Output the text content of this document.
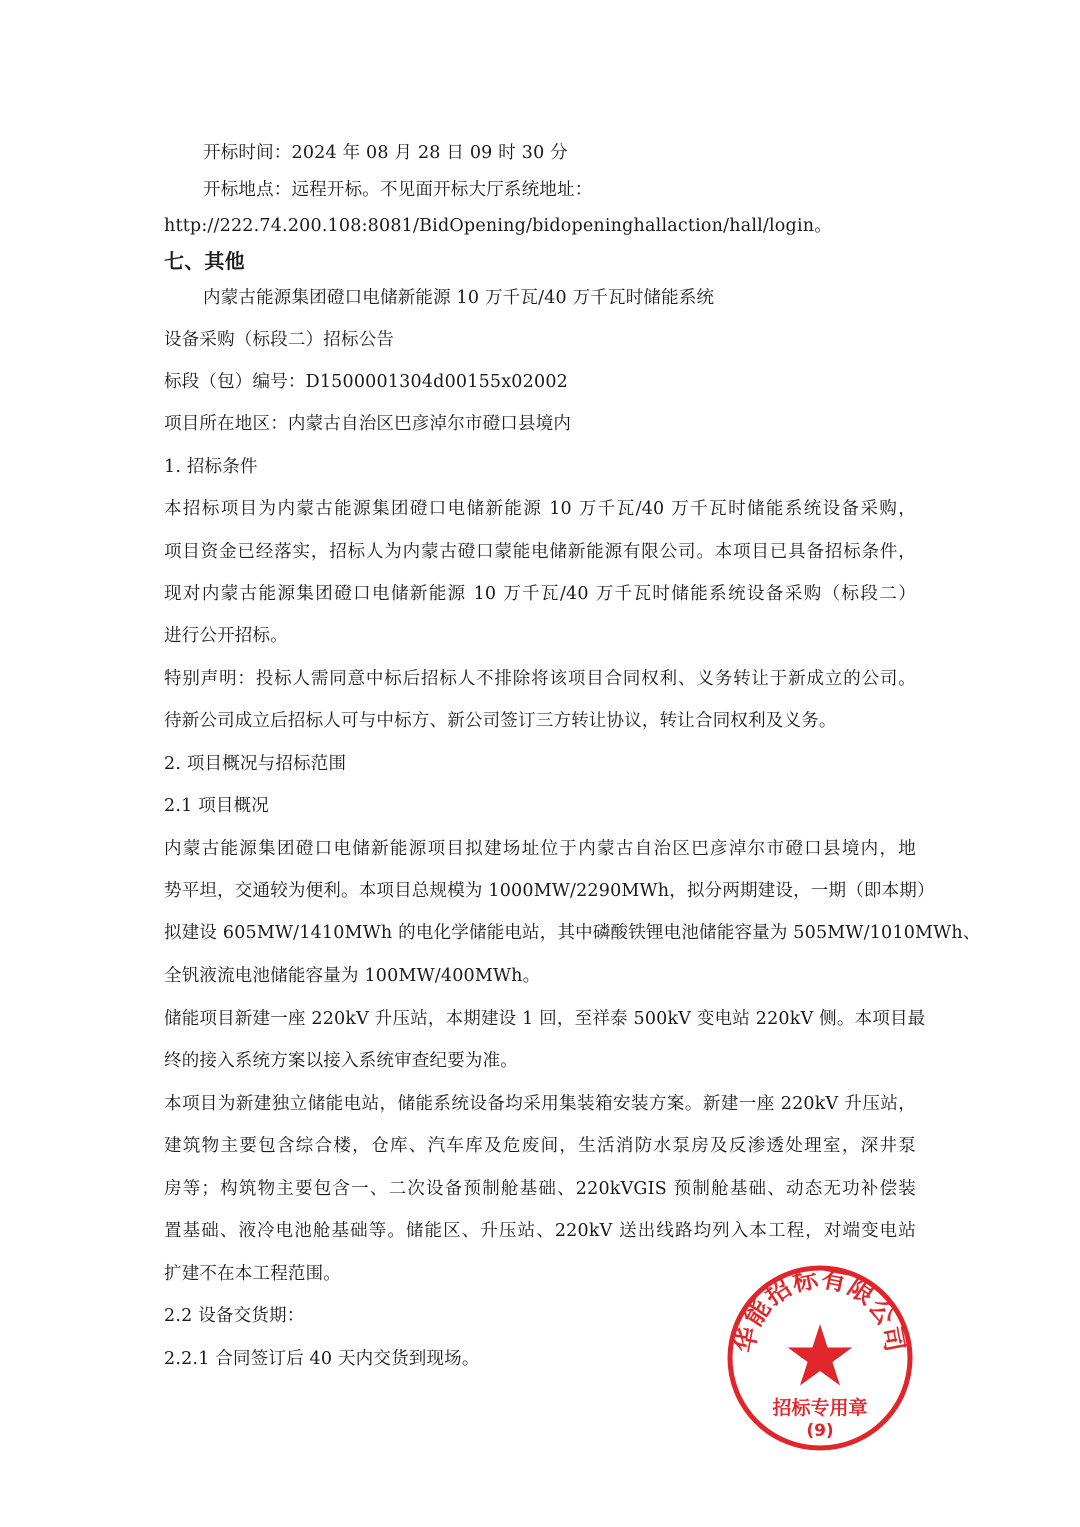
开标时间：2024 年 08 月 28 日 09 时 30 分
开标地点：远程开标。不见面开标大厅系统地址：
http://222.74.200.108:8081/BidOpening/bidopeninghallaction/hall/login。
七、其他
内蒙古能源集团磴口电储新能源 10 万千瓦/40 万千瓦时储能系统
设备采购（标段二）招标公告
标段（包）编号：D1500001304d00155x02002
项目所在地区：内蒙古自治区巴彦淖尔市磴口县境内
1. 招标条件
本招标项目为内蒙古能源集团磴口电储新能源 10 万千瓦/40 万千瓦时储能系统设备采购，
项目资金已经落实，招标人为内蒙古磴口蒙能电储新能源有限公司。本项目已具备招标条件，
现对内蒙古能源集团磴口电储新能源 10 万千瓦/40 万千瓦时储能系统设备采购（标段二）
进行公开招标。
特别声明：投标人需同意中标后招标人不排除将该项目合同权利、义务转让于新成立的公司。
待新公司成立后招标人可与中标方、新公司签订三方转让协议，转让合同权利及义务。
2. 项目概况与招标范围
2.1 项目概况
内蒙古能源集团磴口电储新能源项目拟建场址位于内蒙古自治区巴彦淖尔市磴口县境内，地
势平坦，交通较为便利。本项目总规模为 1000MW/2290MWh，拟分两期建设，一期（即本期）
拟建设 605MW/1410MWh 的电化学储能电站，其中磷酸铁锂电池储能容量为 505MW/1010MWh、
全钒液流电池储能容量为 100MW/400MWh。
储能项目新建一座 220kV 升压站，本期建设 1 回，至祥泰 500kV 变电站 220kV 侧。本项目最
终的接入系统方案以接入系统审查纪要为准。
本项目为新建独立储能电站，储能系统设备均采用集装箱安装方案。新建一座 220kV 升压站，
建筑物主要包含综合楼，仓库、汽车库及危废间，生活消防水泵房及反渗透处理室，深井泵
房等；构筑物主要包含一、二次设备预制舱基础、220kVGIS 预制舱基础、动态无功补偿装
置基础、液冷电池舱基础等。储能区、升压站、220kV 送出线路均列入本工程，对端变电站
扩建不在本工程范围。
2.2 设备交货期：
2.2.1 合同签订后 40 天内交货到现场。
华能招标有限公司
招标专用章
(9)
